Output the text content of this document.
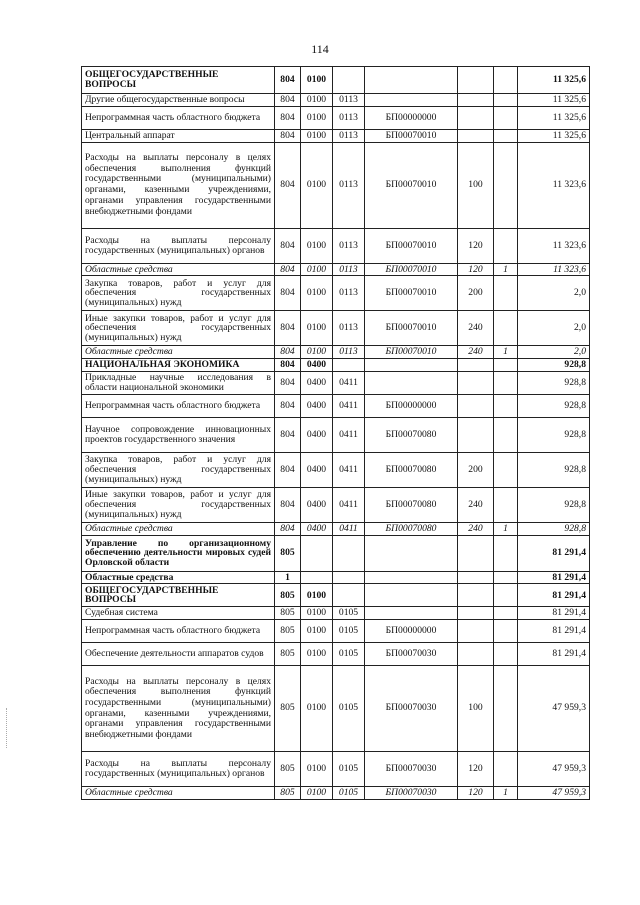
114
ОБЩЕГОСУДАРСТВЕННЫЕ ВОПРОСЫ	804	0100					11 325,6
Другие общегосударственные вопросы	804	0100	0113				11 325,6
Непрограммная часть областного бюджета	804	0100	0113	БП00000000			11 325,6
Центральный аппарат	804	0100	0113	БП00070010			11 325,6
Расходы на выплаты персоналу в целях обеспечения выполнения функций государственными (муниципальными) органами, казенными учреждениями, органами управления государственными внебюджетными фондами	804	0100	0113	БП00070010	100		11 323,6
Расходы на выплаты персоналу государственных (муниципальных) органов	804	0100	0113	БП00070010	120		11 323,6
Областные средства	804	0100	0113	БП00070010	120	1	11 323,6
Закупка товаров, работ и услуг для обеспечения государственных (муниципальных) нужд	804	0100	0113	БП00070010	200		2,0
Иные закупки товаров, работ и услуг для обеспечения государственных (муниципальных) нужд	804	0100	0113	БП00070010	240		2,0
Областные средства	804	0100	0113	БП00070010	240	1	2,0
НАЦИОНАЛЬНАЯ ЭКОНОМИКА	804	0400					928,8
Прикладные научные исследования в области национальной экономики	804	0400	0411				928,8
Непрограммная часть областного бюджета	804	0400	0411	БП00000000			928,8
Научное сопровождение инновационных проектов государственного значения	804	0400	0411	БП00070080			928,8
Закупка товаров, работ и услуг для обеспечения государственных (муниципальных) нужд	804	0400	0411	БП00070080	200		928,8
Иные закупки товаров, работ и услуг для обеспечения государственных (муниципальных) нужд	804	0400	0411	БП00070080	240		928,8
Областные средства	804	0400	0411	БП00070080	240	1	928,8
Управление по организационному обеспечению деятельности мировых судей Орловской области	805						81 291,4
Областные средства	1						81 291,4
ОБЩЕГОСУДАРСТВЕННЫЕ ВОПРОСЫ	805	0100					81 291,4
Судебная система	805	0100	0105				81 291,4
Непрограммная часть областного бюджета	805	0100	0105	БП00000000			81 291,4
Обеспечение деятельности аппаратов судов	805	0100	0105	БП00070030			81 291,4
Расходы на выплаты персоналу в целях обеспечения выполнения функций государственными (муниципальными) органами, казенными учреждениями, органами управления государственными внебюджетными фондами	805	0100	0105	БП00070030	100		47 959,3
Расходы на выплаты персоналу государственных (муниципальных) органов	805	0100	0105	БП00070030	120		47 959,3
Областные средства	805	0100	0105	БП00070030	120	1	47 959,3
